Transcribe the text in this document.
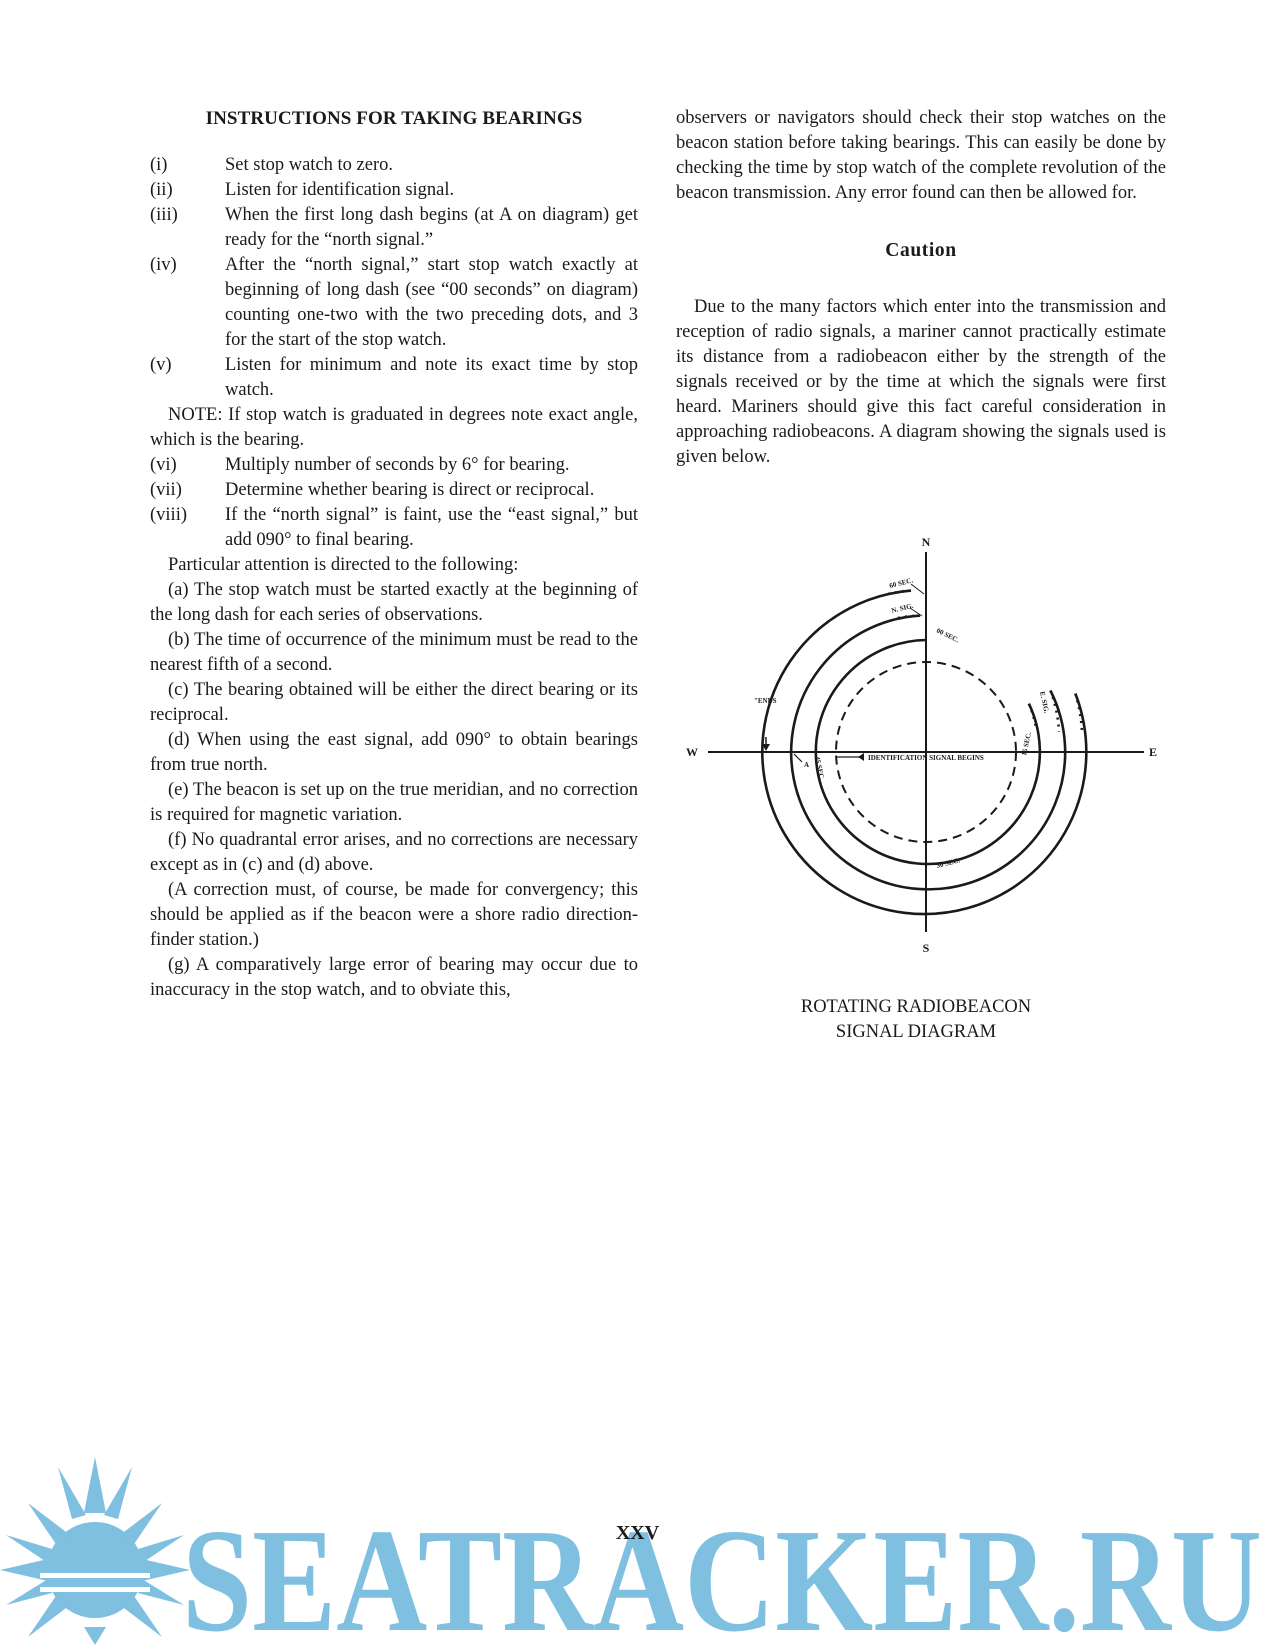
INSTRUCTIONS FOR TAKING BEARINGS
(i)	Set stop watch to zero.
(ii)	Listen for identification signal.
(iii)	When the first long dash begins (at A on diagram) get ready for the “north signal.”
(iv)	After the “north signal,” start stop watch exactly at beginning of long dash (see “00 seconds” on diagram) counting one-two with the two preceding dots, and 3 for the start of the stop watch.
(v)	Listen for minimum and note its exact time by stop watch.

NOTE: If stop watch is graduated in degrees note exact angle, which is the bearing.

(vi)	Multiply number of seconds by 6° for bearing.
(vii)	Determine whether bearing is direct or reciprocal.
(viii)	If the “north signal” is faint, use the “east signal,” but add 090° to final bearing.

Particular attention is directed to the following:

(a) The stop watch must be started exactly at the beginning of the long dash for each series of observations.

(b) The time of occurrence of the minimum must be read to the nearest fifth of a second.

(c) The bearing obtained will be either the direct bearing or its reciprocal.

(d) When using the east signal, add 090° to obtain bearings from true north.

(e) The beacon is set up on the true meridian, and no correction is required for magnetic variation.

(f) No quadrantal error arises, and no corrections are necessary except as in (c) and (d) above.

(A correction must, of course, be made for convergency; this should be applied as if the beacon were a shore radio direction-finder station.)

(g) A comparatively large error of bearing may occur due to inaccuracy in the stop watch, and to obviate this,

observers or navigators should check their stop watches on the beacon station before taking bearings. This can easily be done by checking the time by stop watch of the complete revolution of the beacon transmission. Any error found can then be allowed for.

Caution

Due to the many factors which enter into the transmission and reception of radio signals, a mariner cannot practically estimate its distance from a radiobeacon either by the strength of the signals received or by the time at which the signals were first heard. Mariners should give this fact careful consideration in approaching radiobeacons. A diagram showing the signals used is given below.

N
S
E
W
60 SEC.
N. SIG.
00 SEC.
E. SIG.
15 SEC.
30 SEC.
45 SEC.
"ENDS
A
IDENTIFICATION SIGNAL BEGINS
ROTATING RADIOBEACON
SIGNAL DIAGRAM
SEATRACKER.RU
XXV
